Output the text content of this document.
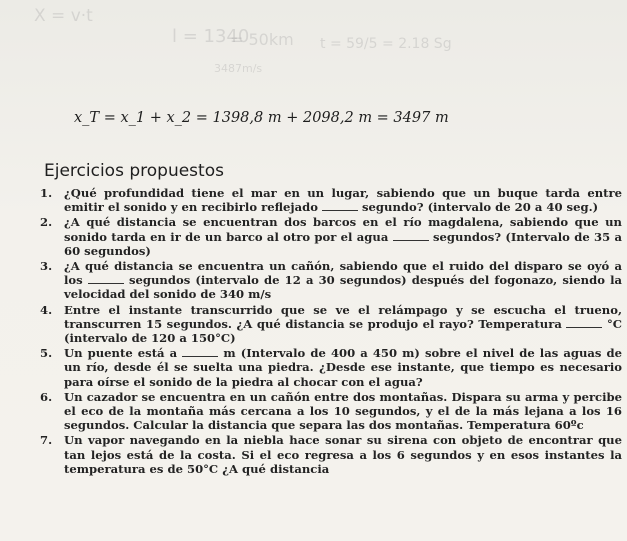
X = v·t
l = 1340
= 50km t = 59/5 = 2.18 Sg
3487m/s
x_T = x_1 + x_2 = 1398,8 m + 2098,2 m = 3497 m
Ejercicios propuestos
1. ¿Qué profundidad tiene el mar en un lugar, sabiendo que un buque tarda entre emitir el sonido y en recibirlo reflejado	segundo? (intervalo de 20 a 40 seg.)
2. ¿A qué distancia se encuentran dos barcos en el río magdalena, sabiendo que un sonido tarda en ir de un barco al otro por el agua	segundos? (Intervalo de 35 a 60 segundos)
3. ¿A qué distancia se encuentra un cañón, sabiendo que el ruido del disparo se oyó a los	segundos (intervalo de 12 a 30 segundos) después del fogonazo, siendo la velocidad del sonido de 340 m/s
4. Entre el instante transcurrido que se ve el relámpago y se escucha el trueno, transcurren 15 segundos. ¿A qué distancia se produjo el rayo? Temperatura	°C (intervalo de 120 a 150°C)
5. Un puente está a	m (Intervalo de 400 a 450 m) sobre el nivel de las aguas de un río, desde él se suelta una piedra. ¿Desde ese instante, que tiempo es necesario para oírse el sonido de la piedra al chocar con el agua?
6. Un cazador se encuentra en un cañón entre dos montañas. Dispara su arma y percibe el eco de la montaña más cercana a los 10 segundos, y el de la más lejana a los 16 segundos. Calcular la distancia que separa las dos montañas. Temperatura 60ºc
7. Un vapor navegando en la niebla hace sonar su sirena con objeto de encontrar que tan lejos está de la costa. Si el eco regresa a los 6 segundos y en esos instantes la temperatura es de 50°C ¿A qué distancia
